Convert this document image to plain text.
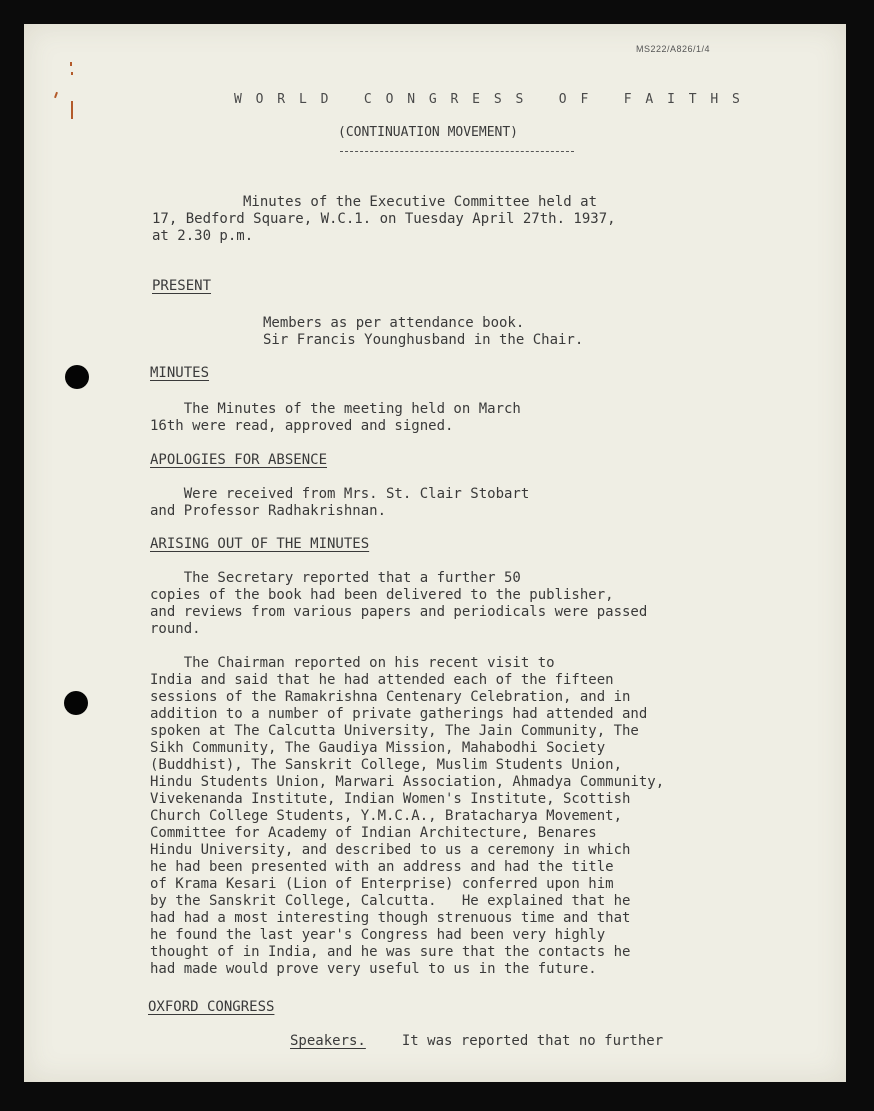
MS222/A826/1/4
W O R L D   C O N G R E S S   O F   F A I T H S
(CONTINUATION MOVEMENT)
Minutes of the Executive Committee held at
17, Bedford Square, W.C.1. on Tuesday April 27th. 1937,
at 2.30 p.m.
PRESENT
Members as per attendance book.
Sir Francis Younghusband in the Chair.
MINUTES
The Minutes of the meeting held on March
16th were read, approved and signed.
APOLOGIES FOR ABSENCE
Were received from Mrs. St. Clair Stobart
and Professor Radhakrishnan.
ARISING OUT OF THE MINUTES
The Secretary reported that a further 50
copies of the book had been delivered to the publisher,
and reviews from various papers and periodicals were passed
round.
The Chairman reported on his recent visit to
India and said that he had attended each of the fifteen
sessions of the Ramakrishna Centenary Celebration, and in
addition to a number of private gatherings had attended and
spoken at The Calcutta University, The Jain Community, The
Sikh Community, The Gaudiya Mission, Mahabodhi Society
(Buddhist), The Sanskrit College, Muslim Students Union,
Hindu Students Union, Marwari Association, Ahmadya Community,
Vivekenanda Institute, Indian Women's Institute, Scottish
Church College Students, Y.M.C.A., Bratacharya Movement,
Committee for Academy of Indian Architecture, Benares
Hindu University, and described to us a ceremony in which
he had been presented with an address and had the title
of Krama Kesari (Lion of Enterprise) conferred upon him
by the Sanskrit College, Calcutta.   He explained that he
had had a most interesting though strenuous time and that
he found the last year's Congress had been very highly
thought of in India, and he was sure that the contacts he
had made would prove very useful to us in the future.
OXFORD CONGRESS
Speakers. It was reported that no further
